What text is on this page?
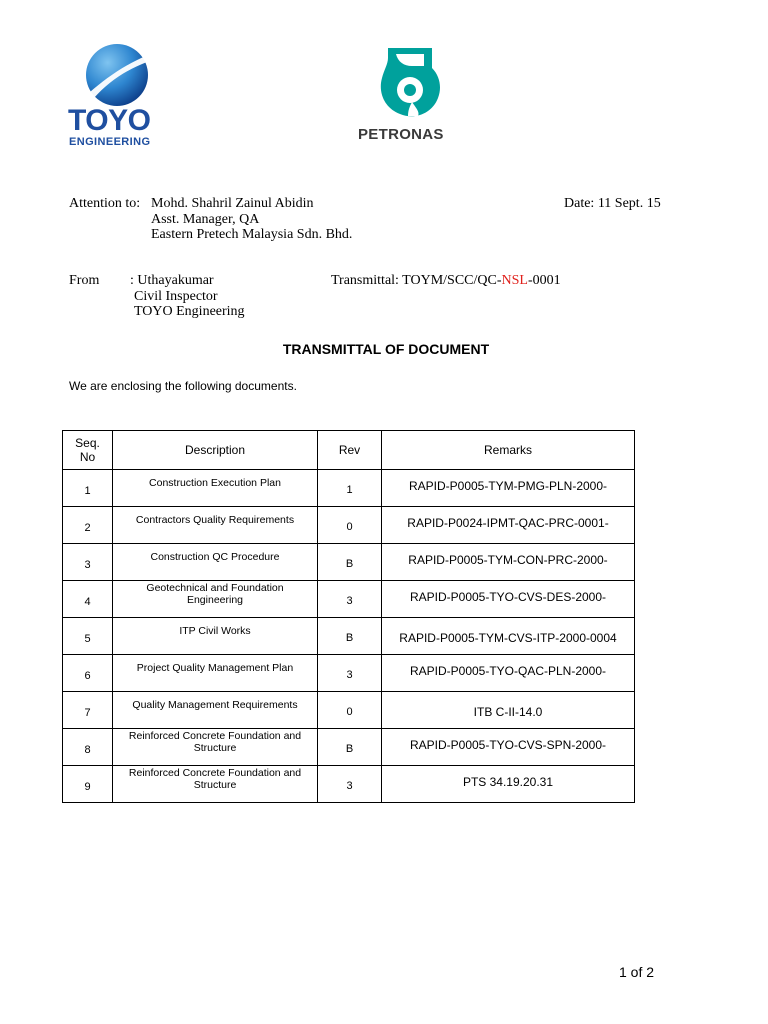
TOYO
ENGINEERING	PETRONAS
Attention to: Mohd. Shahril Zainul Abidin
Asst. Manager, QA
Eastern Pretech Malaysia Sdn. Bhd.
Date: 11 Sept. 15
From : Uthayakumar
Civil Inspector
TOYO Engineering
Transmittal: TOYM/SCC/QC-NSL-0001
TRANSMITTAL OF DOCUMENT
We are enclosing the following documents.
Seq.
No	Description	Rev	Remarks
1	Construction Execution Plan	1	RAPID-P0005-TYM-PMG-PLN-2000-

2	Contractors Quality Requirements	0	RAPID-P0024-IPMT-QAC-PRC-0001-

3	Construction QC Procedure	B	RAPID-P0005-TYM-CON-PRC-2000-

4	Geotechnical and Foundation Engineering	3	RAPID-P0005-TYO-CVS-DES-2000-

5	ITP Civil Works	B	RAPID-P0005-TYM-CVS-ITP-2000-0004

6	Project Quality Management Plan	3	RAPID-P0005-TYO-QAC-PLN-2000-

7	Quality Management Requirements	0	ITB C-II-14.0

8	Reinforced Concrete Foundation and Structure	B	RAPID-P0005-TYO-CVS-SPN-2000-

9	Reinforced Concrete Foundation and Structure	3	PTS 34.19.20.31
1 of 2
